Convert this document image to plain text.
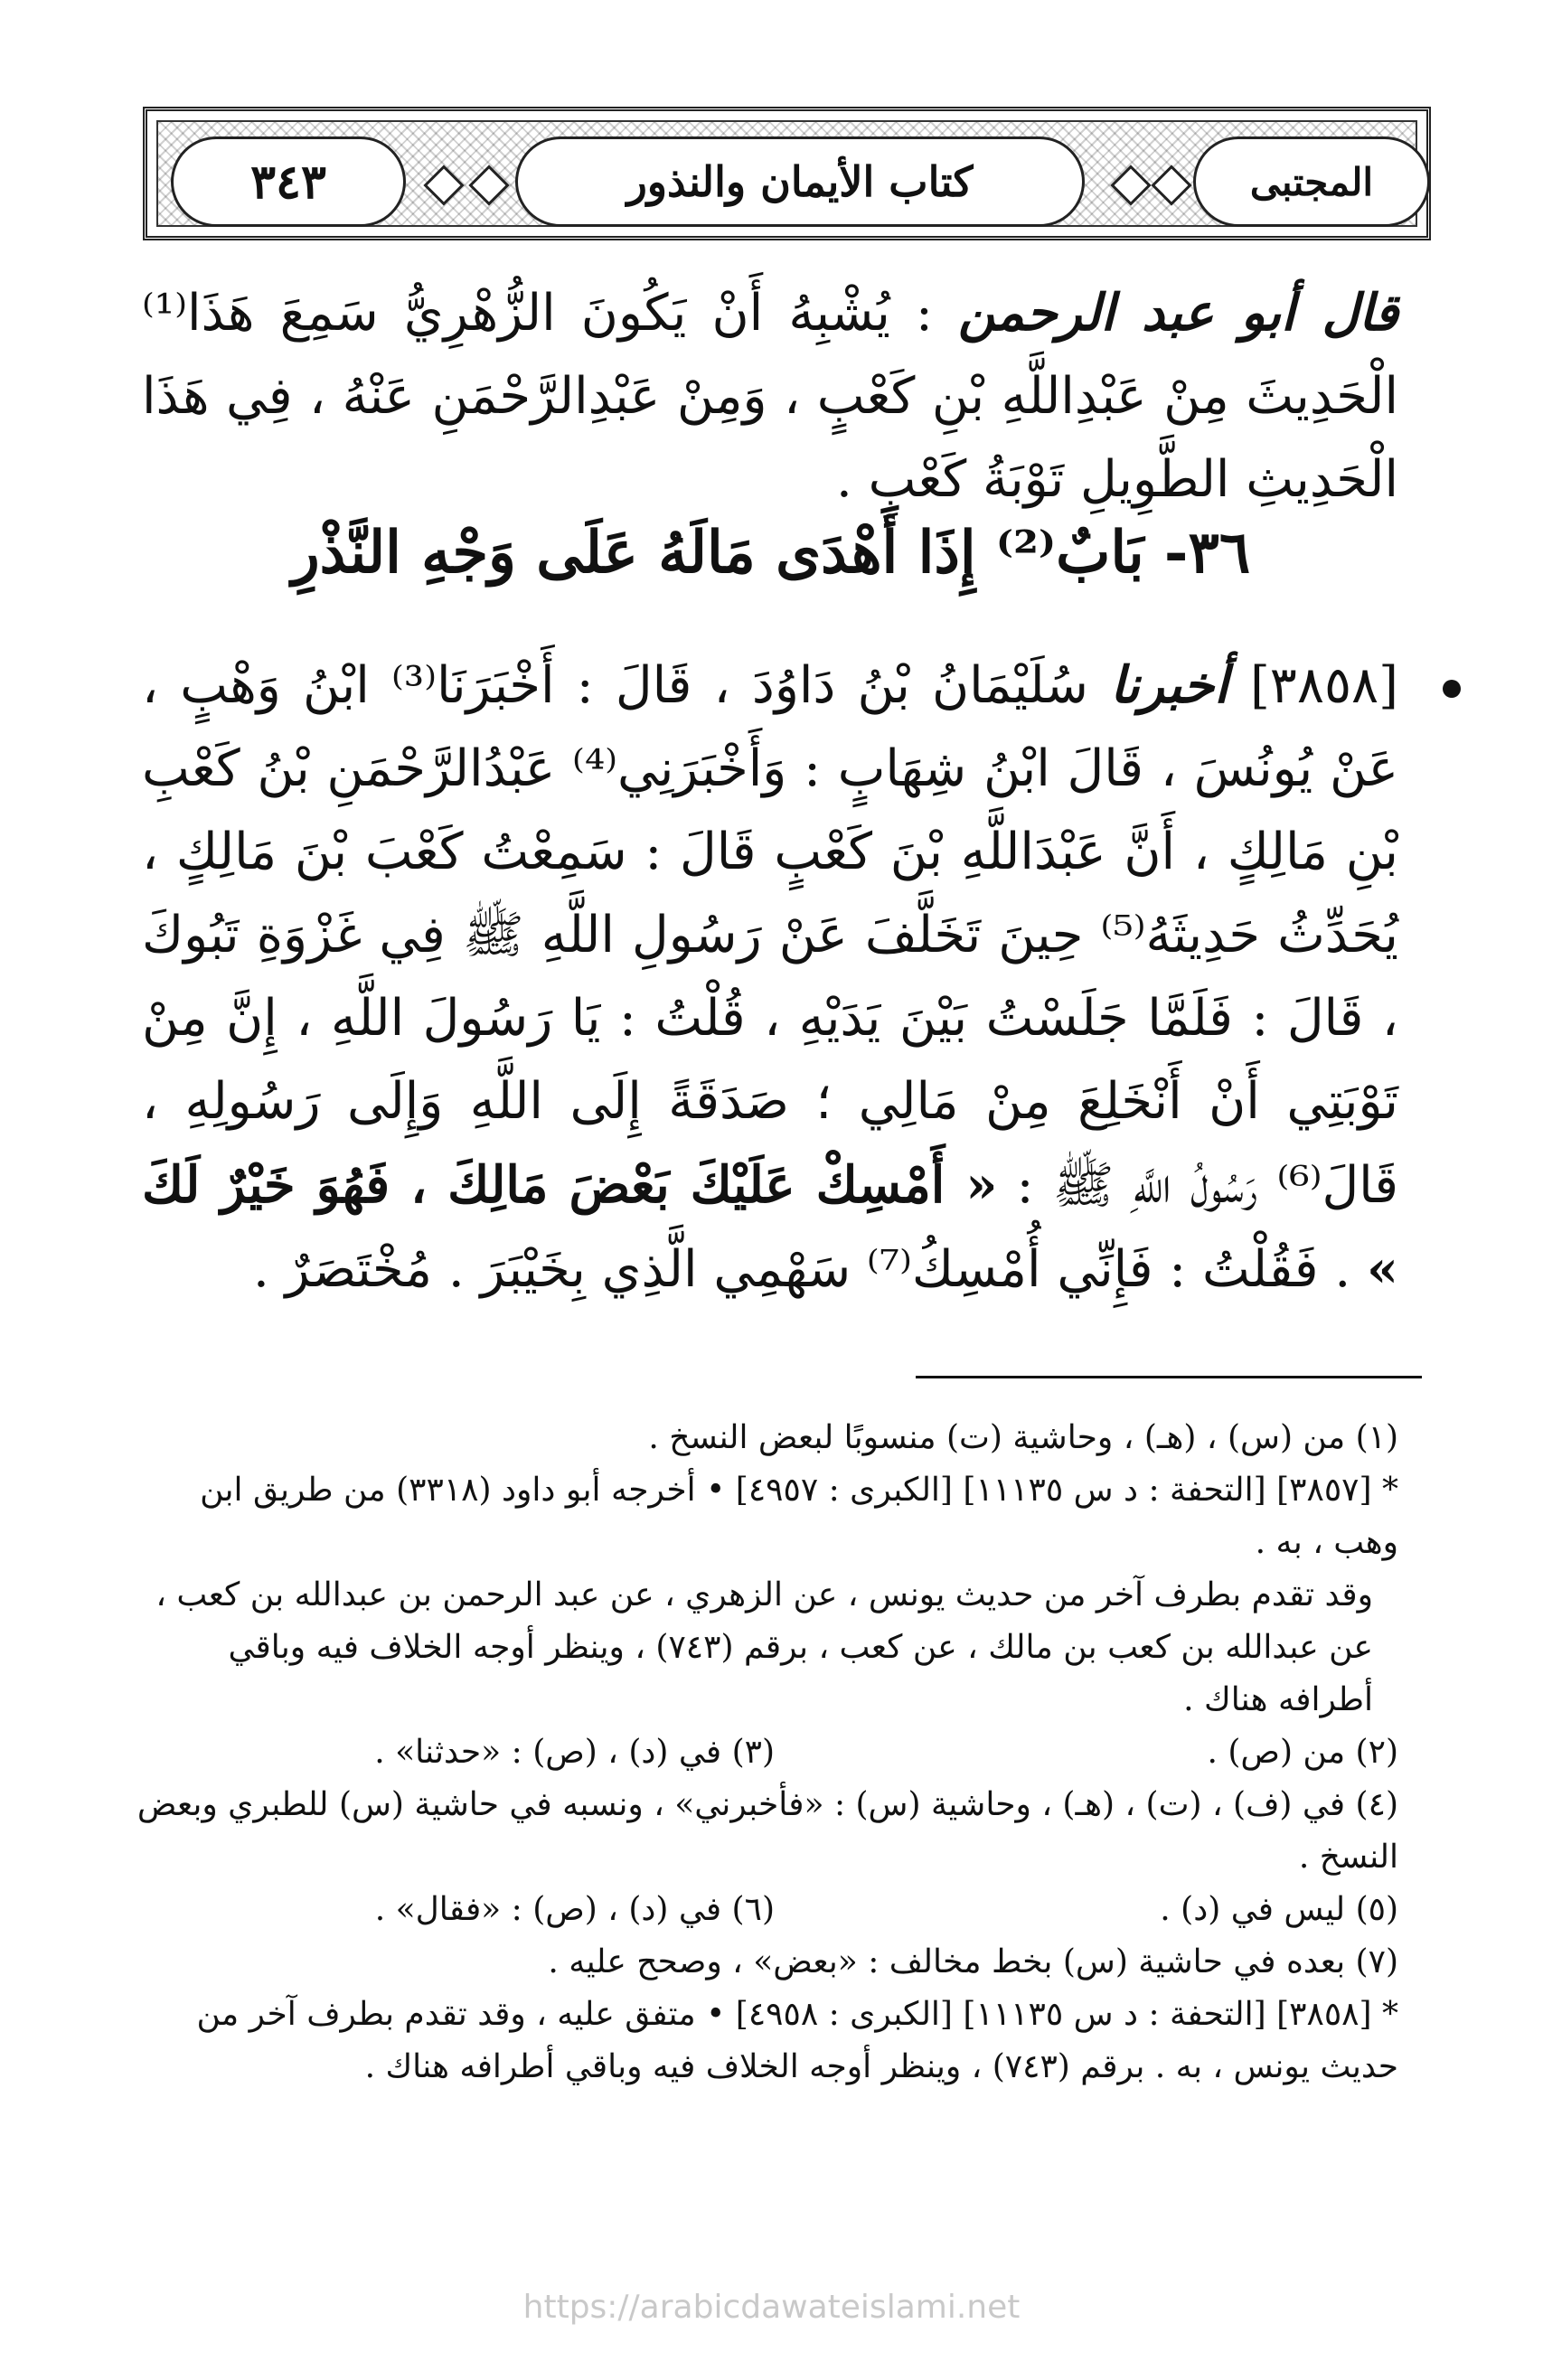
المجتبى
كتاب الأيمان والنذور
٣٤٣
قال أبو عبد الرحمن : يُشْبِهُ أَنْ يَكُونَ الزُّهْرِيُّ سَمِعَ هَذَا⁽¹⁾ الْحَدِيثَ مِنْ عَبْدِاللَّهِ بْنِ كَعْبٍ ، وَمِنْ عَبْدِالرَّحْمَنِ عَنْهُ ، فِي هَذَا الْحَدِيثِ الطَّوِيلِ تَوْبَةُ كَعْبٍ .
٣٦- بَابٌ⁽²⁾ إِذَا أَهْدَى مَالَهُ عَلَى وَجْهِ النَّذْرِ
[٣٨٥٨] أخبرنا سُلَيْمَانُ بْنُ دَاوُدَ ، قَالَ : أَخْبَرَنَا⁽³⁾ ابْنُ وَهْبٍ ، عَنْ يُونُسَ ، قَالَ ابْنُ شِهَابٍ : وَأَخْبَرَنِي⁽⁴⁾ عَبْدُالرَّحْمَنِ بْنُ كَعْبِ بْنِ مَالِكٍ ، أَنَّ عَبْدَاللَّهِ بْنَ كَعْبٍ قَالَ : سَمِعْتُ كَعْبَ بْنَ مَالِكٍ ، يُحَدِّثُ حَدِيثَهُ⁽⁵⁾ حِينَ تَخَلَّفَ عَنْ رَسُولِ اللَّهِ ﷺ فِي غَزْوَةِ تَبُوكَ ، قَالَ : فَلَمَّا جَلَسْتُ بَيْنَ يَدَيْهِ ، قُلْتُ : يَا رَسُولَ اللَّهِ ، إِنَّ مِنْ تَوْبَتِي أَنْ أَنْخَلِعَ مِنْ مَالِي ؛ صَدَقَةً إِلَى اللَّهِ وَإِلَى رَسُولِهِ ، قَالَ⁽⁶⁾ رَسُولُ اللَّهِ ﷺ : « أَمْسِكْ عَلَيْكَ بَعْضَ مَالِكَ ، فَهُوَ خَيْرٌ لَكَ » . فَقُلْتُ : فَإِنِّي أُمْسِكُ⁽⁷⁾ سَهْمِي الَّذِي بِخَيْبَرَ . مُخْتَصَرٌ .

(١) من (س) ، (هـ) ، وحاشية (ت) منسوبًا لبعض النسخ .

* [٣٨٥٧] [التحفة : د س ١١١٣٥] [الكبرى : ٤٩٥٧] • أخرجه أبو داود (٣٣١٨) من طريق ابن وهب ، به .

وقد تقدم بطرف آخر من حديث يونس ، عن الزهري ، عن عبد الرحمن بن عبدالله بن كعب ، عن عبدالله بن كعب بن مالك ، عن كعب ، برقم (٧٤٣) ، وينظر أوجه الخلاف فيه وباقي أطرافه هناك .

(٢) من (ص) .
(٣) في (د) ، (ص) : «حدثنا» .

(٤) في (ف) ، (ت) ، (هـ) ، وحاشية (س) : «فأخبرني» ، ونسبه في حاشية (س) للطبري وبعض النسخ .

(٥) ليس في (د) .
(٦) في (د) ، (ص) : «فقال» .

(٧) بعده في حاشية (س) بخط مخالف : «بعض» ، وصحح عليه .

* [٣٨٥٨] [التحفة : د س ١١١٣٥] [الكبرى : ٤٩٥٨] • متفق عليه ، وقد تقدم بطرف آخر من حديث يونس ، به . برقم (٧٤٣) ، وينظر أوجه الخلاف فيه وباقي أطرافه هناك .

https://arabicdawateislami.net
